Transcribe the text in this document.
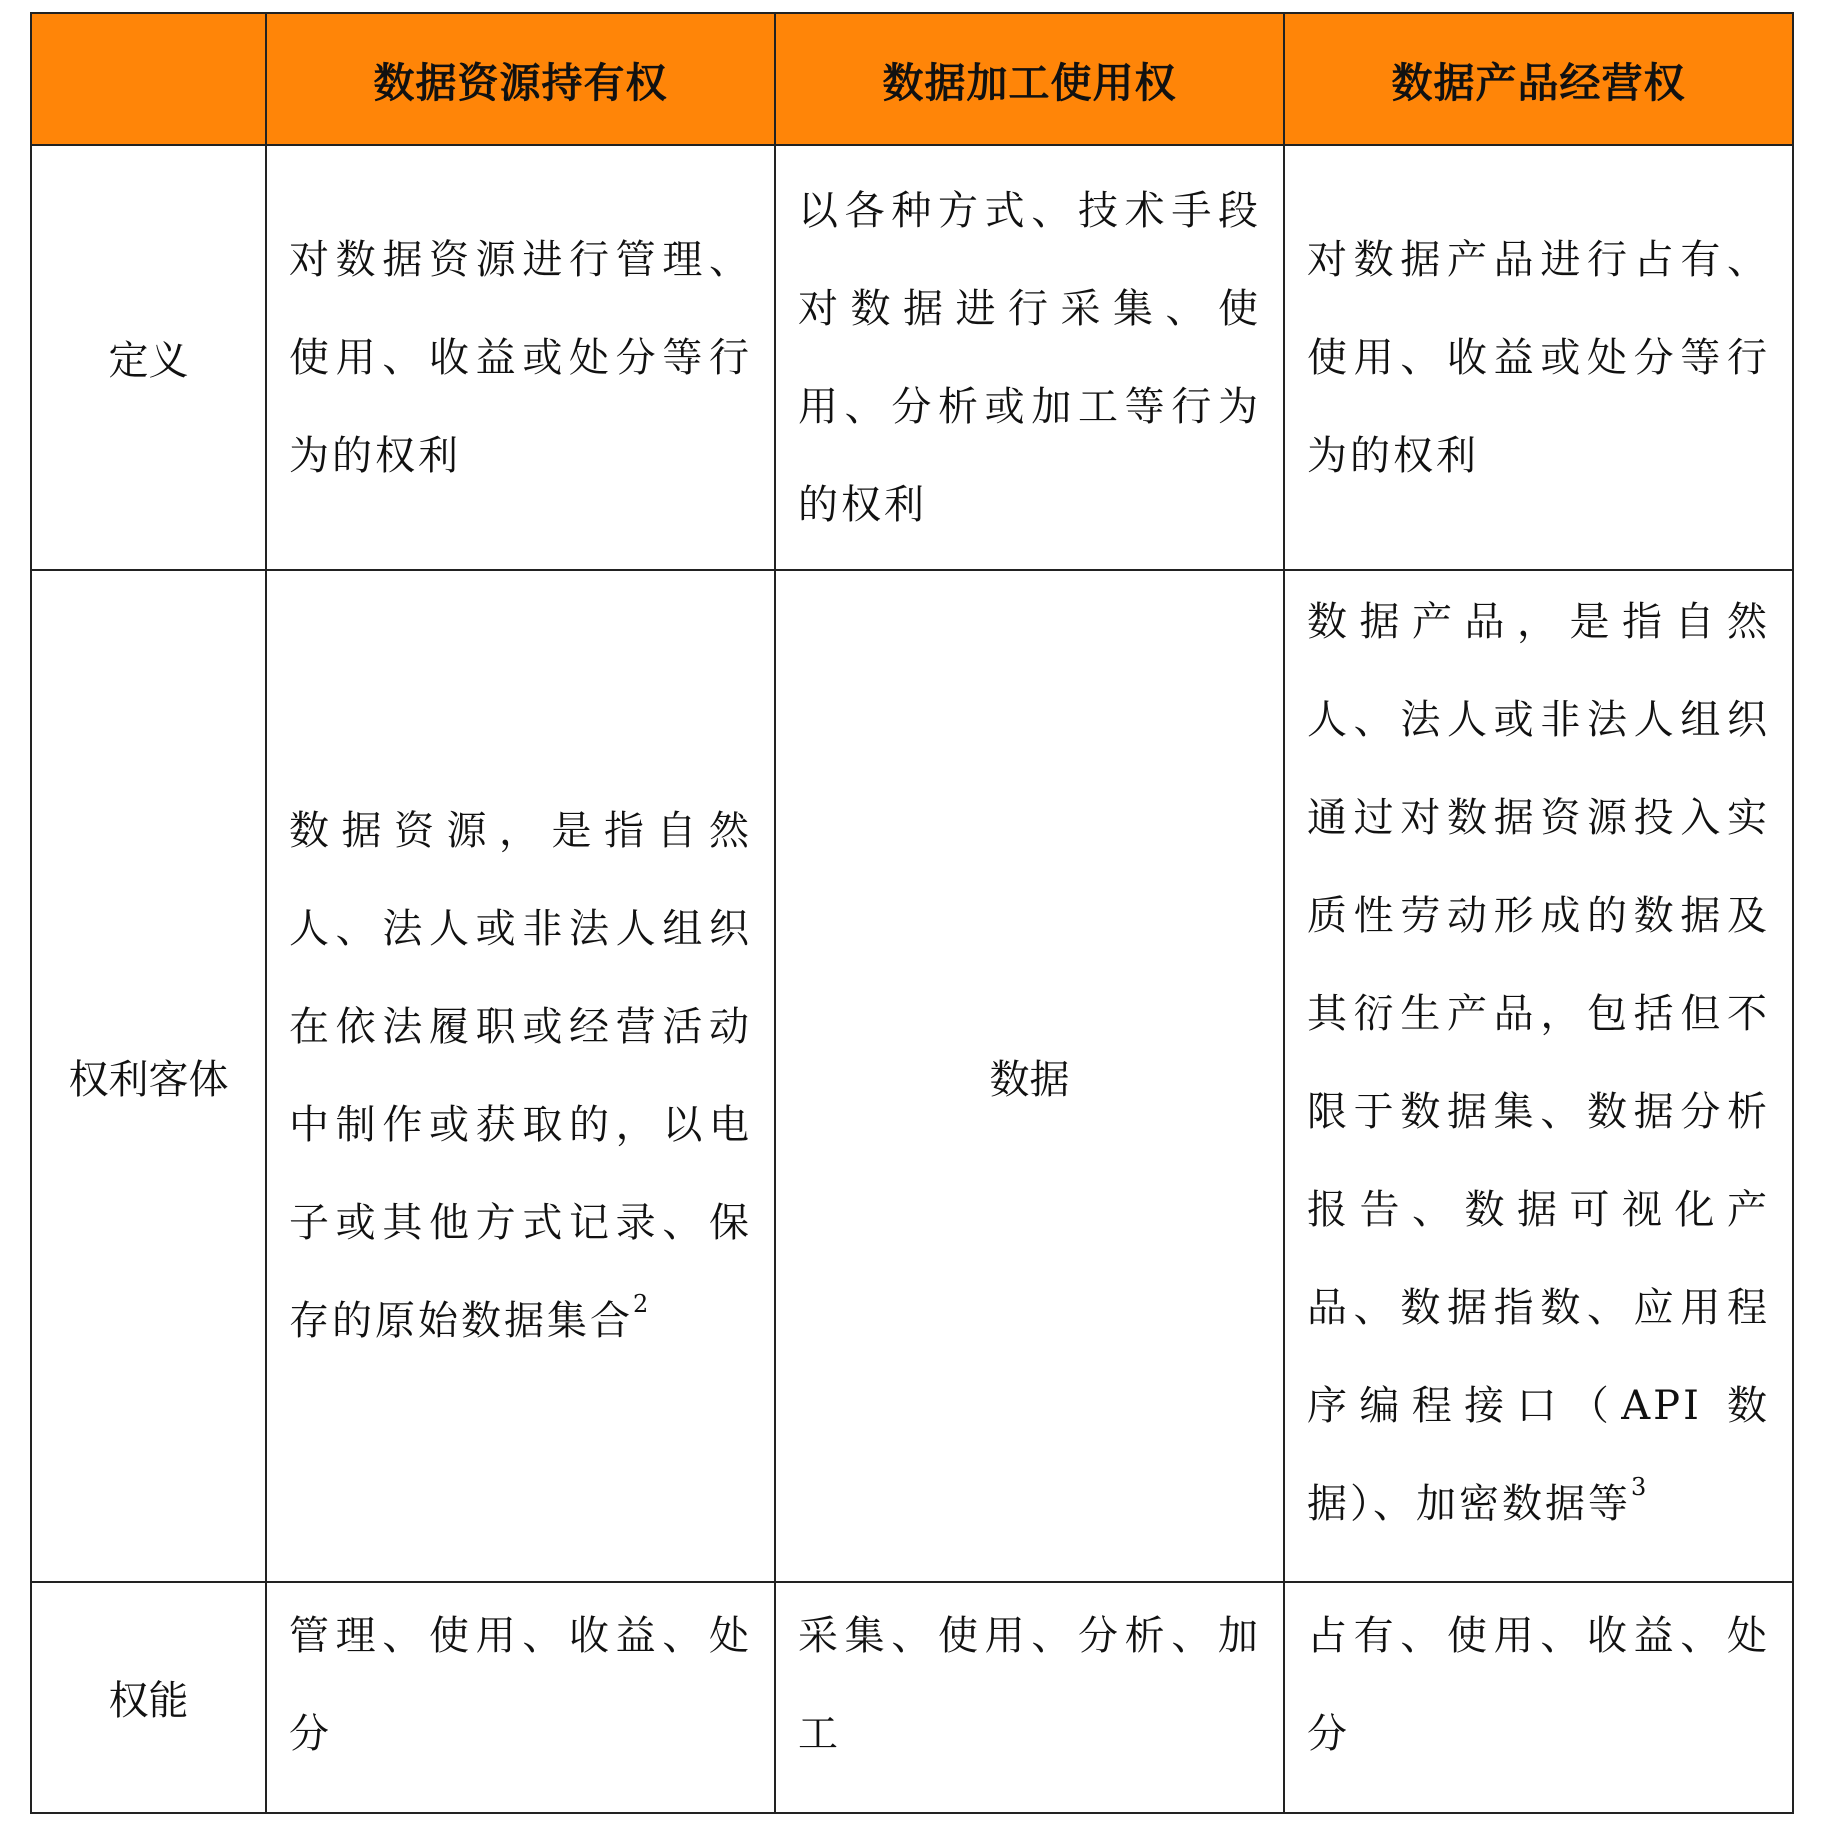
	数据资源持有权	数据加工使用权	数据产品经营权
定义	对数据资源进行管理、使用、收益或处分等行为的权利	以各种方式、技术手段对数据进行采集、使用、分析或加工等行为的权利	对数据产品进行占有、使用、收益或处分等行为的权利
权利客体	数据资源，是指自然人、法人或非法人组织在依法履职或经营活动中制作或获取的，以电子或其他方式记录、保存的原始数据集合$^2$	数据	数据产品，是指自然人、法人或非法人组织通过对数据资源投入实质性劳动形成的数据及其衍生产品，包括但不限于数据集、数据分析报告、数据可视化产品、数据指数、应用程序编程接口（API 数据）、加密数据等$^3$
权能	管理、使用、收益、处分	采集、使用、分析、加工	占有、使用、收益、处分
